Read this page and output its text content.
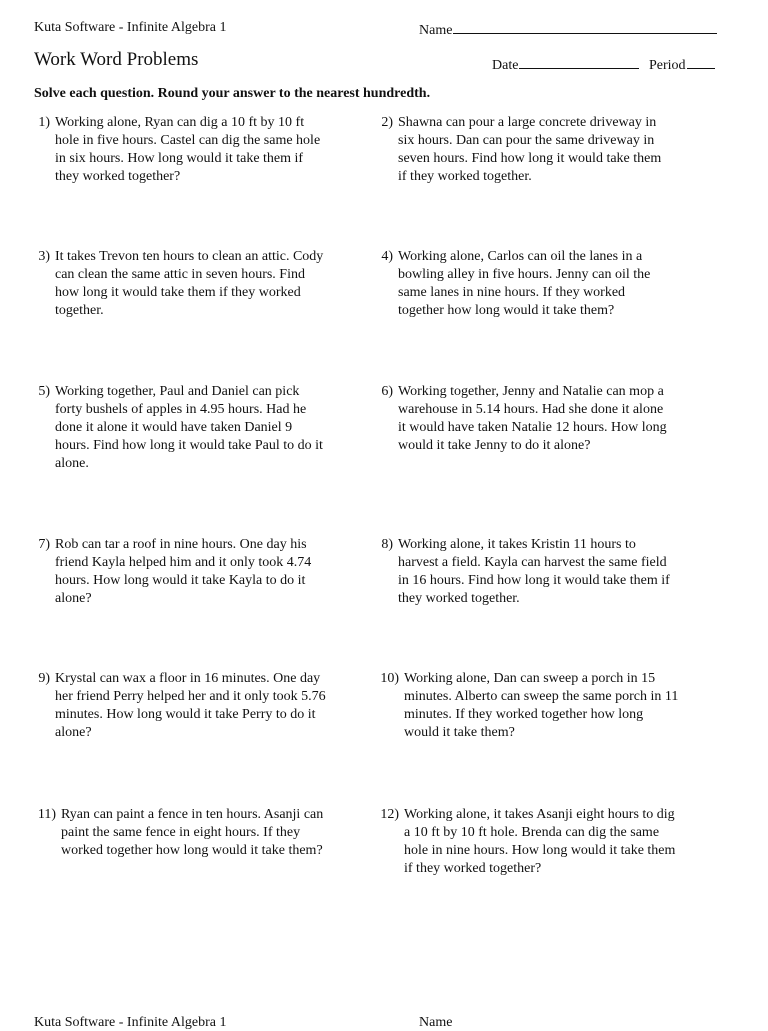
Kuta Software - Infinite Algebra 1	Name
Work Word Problems	Date	Period
Solve each question. Round your answer to the nearest hundredth.
1) Working alone, Ryan can dig a 10 ft by 10 ft hole in five hours. Castel can dig the same hole in six hours. How long would it take them if they worked together?
2) Shawna can pour a large concrete driveway in six hours. Dan can pour the same driveway in seven hours. Find how long it would take them if they worked together.
3) It takes Trevon ten hours to clean an attic. Cody can clean the same attic in seven hours. Find how long it would take them if they worked together.
4) Working alone, Carlos can oil the lanes in a bowling alley in five hours. Jenny can oil the same lanes in nine hours. If they worked together how long would it take them?
5) Working together, Paul and Daniel can pick forty bushels of apples in 4.95 hours. Had he done it alone it would have taken Daniel 9 hours. Find how long it would take Paul to do it alone.
6) Working together, Jenny and Natalie can mop a warehouse in 5.14 hours. Had she done it alone it would have taken Natalie 12 hours. How long would it take Jenny to do it alone?
7) Rob can tar a roof in nine hours. One day his friend Kayla helped him and it only took 4.74 hours. How long would it take Kayla to do it alone?
8) Working alone, it takes Kristin 11 hours to harvest a field. Kayla can harvest the same field in 16 hours. Find how long it would take them if they worked together.
9) Krystal can wax a floor in 16 minutes. One day her friend Perry helped her and it only took 5.76 minutes. How long would it take Perry to do it alone?
10) Working alone, Dan can sweep a porch in 15 minutes. Alberto can sweep the same porch in 11 minutes. If they worked together how long would it take them?
11) Ryan can paint a fence in ten hours. Asanji can paint the same fence in eight hours. If they worked together how long would it take them?
12) Working alone, it takes Asanji eight hours to dig a 10 ft by 10 ft hole. Brenda can dig the same hole in nine hours. How long would it take them if they worked together?
Kuta Software - Infinite Algebra 1	Name
